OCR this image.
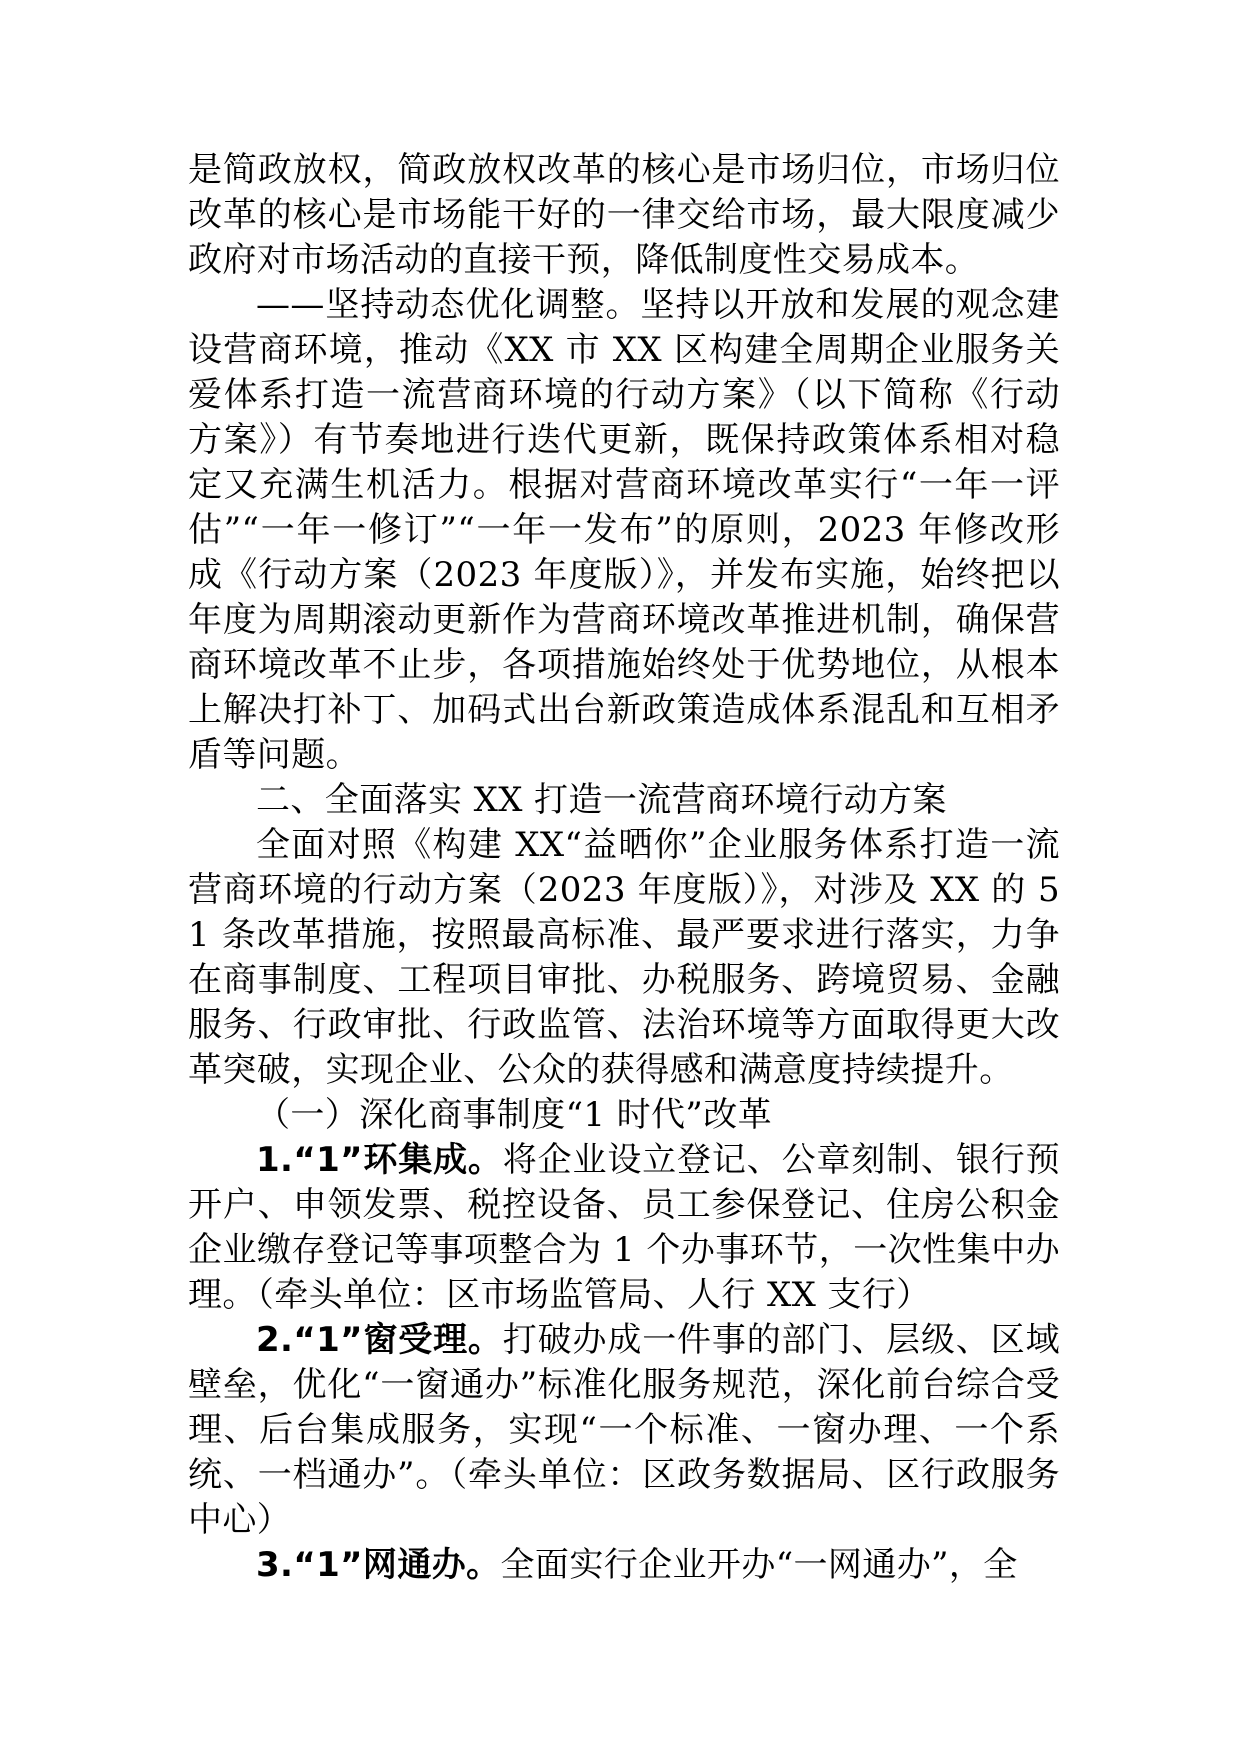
是简政放权，简政放权改革的核心是市场归位，市场归位改革的核心是市场能干好的一律交给市场，最大限度减少政府对市场活动的直接干预，降低制度性交易成本。

——坚持动态优化调整。坚持以开放和发展的观念建设营商环境，推动《XX 市 XX 区构建全周期企业服务关爱体系打造一流营商环境的行动方案》（以下简称《行动方案》）有节奏地进行迭代更新，既保持政策体系相对稳定又充满生机活力。根据对营商环境改革实行“一年一评估”“一年一修订”“一年一发布”的原则，2023 年修改形成《行动方案（2023 年度版）》，并发布实施，始终把以年度为周期滚动更新作为营商环境改革推进机制，确保营商环境改革不止步，各项措施始终处于优势地位，从根本上解决打补丁、加码式出台新政策造成体系混乱和互相矛盾等问题。

二、全面落实 XX 打造一流营商环境行动方案

全面对照《构建 XX“益晒你”企业服务体系打造一流营商环境的行动方案（2023 年度版）》，对涉及 XX 的 51 条改革措施，按照最高标准、最严要求进行落实，力争在商事制度、工程项目审批、办税服务、跨境贸易、金融服务、行政审批、行政监管、法治环境等方面取得更大改革突破，实现企业、公众的获得感和满意度持续提升。

（一）深化商事制度“1 时代”改革

1.“1”环集成。将企业设立登记、公章刻制、银行预开户、申领发票、税控设备、员工参保登记、住房公积金企业缴存登记等事项整合为 1 个办事环节，一次性集中办理。（牵头单位：区市场监管局、人行 XX 支行）

2.“1”窗受理。打破办成一件事的部门、层级、区域壁垒，优化“一窗通办”标准化服务规范，深化前台综合受理、后台集成服务，实现“一个标准、一窗办理、一个系统、一档通办”。（牵头单位：区政务数据局、区行政服务中心）

3.“1”网通办。全面实行企业开办“一网通办”，全
